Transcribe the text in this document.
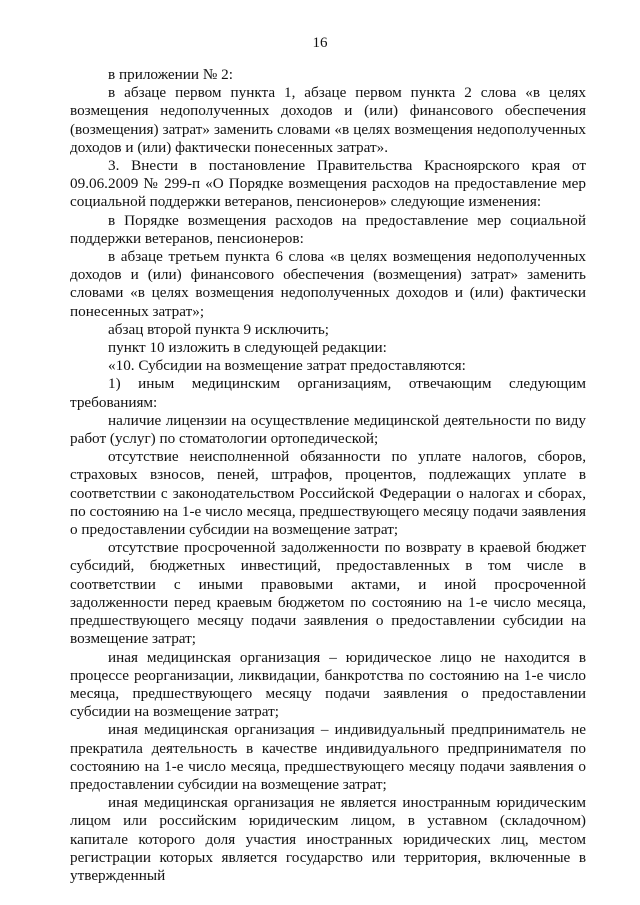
16

в приложении № 2:

в абзаце первом пункта 1, абзаце первом пункта 2 слова «в целях возмещения недополученных доходов и (или) финансового обеспечения (возмещения) затрат» заменить словами «в целях возмещения недополученных доходов и (или) фактически понесенных затрат».

3. Внести в постановление Правительства Красноярского края от 09.06.2009 № 299-п «О Порядке возмещения расходов на предоставление мер социальной поддержки ветеранов, пенсионеров» следующие изменения:

в Порядке возмещения расходов на предоставление мер социальной поддержки ветеранов, пенсионеров:

в абзаце третьем пункта 6 слова «в целях возмещения недополученных доходов и (или) финансового обеспечения (возмещения) затрат» заменить словами «в целях возмещения недополученных доходов и (или) фактически понесенных затрат»;

абзац второй пункта 9 исключить;

пункт 10 изложить в следующей редакции:

«10. Субсидии на возмещение затрат предоставляются:

1) иным медицинским организациям, отвечающим следующим требованиям:

наличие лицензии на осуществление медицинской деятельности по виду работ (услуг) по стоматологии ортопедической;

отсутствие неисполненной обязанности по уплате налогов, сборов, страховых взносов, пеней, штрафов, процентов, подлежащих уплате в соответствии с законодательством Российской Федерации о налогах и сборах, по состоянию на 1-е число месяца, предшествующего месяцу подачи заявления о предоставлении субсидии на возмещение затрат;

отсутствие просроченной задолженности по возврату в краевой бюджет субсидий, бюджетных инвестиций, предоставленных в том числе в соответствии с иными правовыми актами, и иной просроченной задолженности перед краевым бюджетом по состоянию на 1-е число месяца, предшествующего месяцу подачи заявления о предоставлении субсидии на возмещение затрат;

иная медицинская организация – юридическое лицо не находится в процессе реорганизации, ликвидации, банкротства по состоянию на 1-е число месяца, предшествующего месяцу подачи заявления о предоставлении субсидии на возмещение затрат;

иная медицинская организация – индивидуальный предприниматель не прекратила деятельность в качестве индивидуального предпринимателя по состоянию на 1-е число месяца, предшествующего месяцу подачи заявления о предоставлении субсидии на возмещение затрат;

иная медицинская организация не является иностранным юридическим лицом или российским юридическим лицом, в уставном (складочном) капитале которого доля участия иностранных юридических лиц, местом регистрации которых является государство или территория, включенные в утвержденный
